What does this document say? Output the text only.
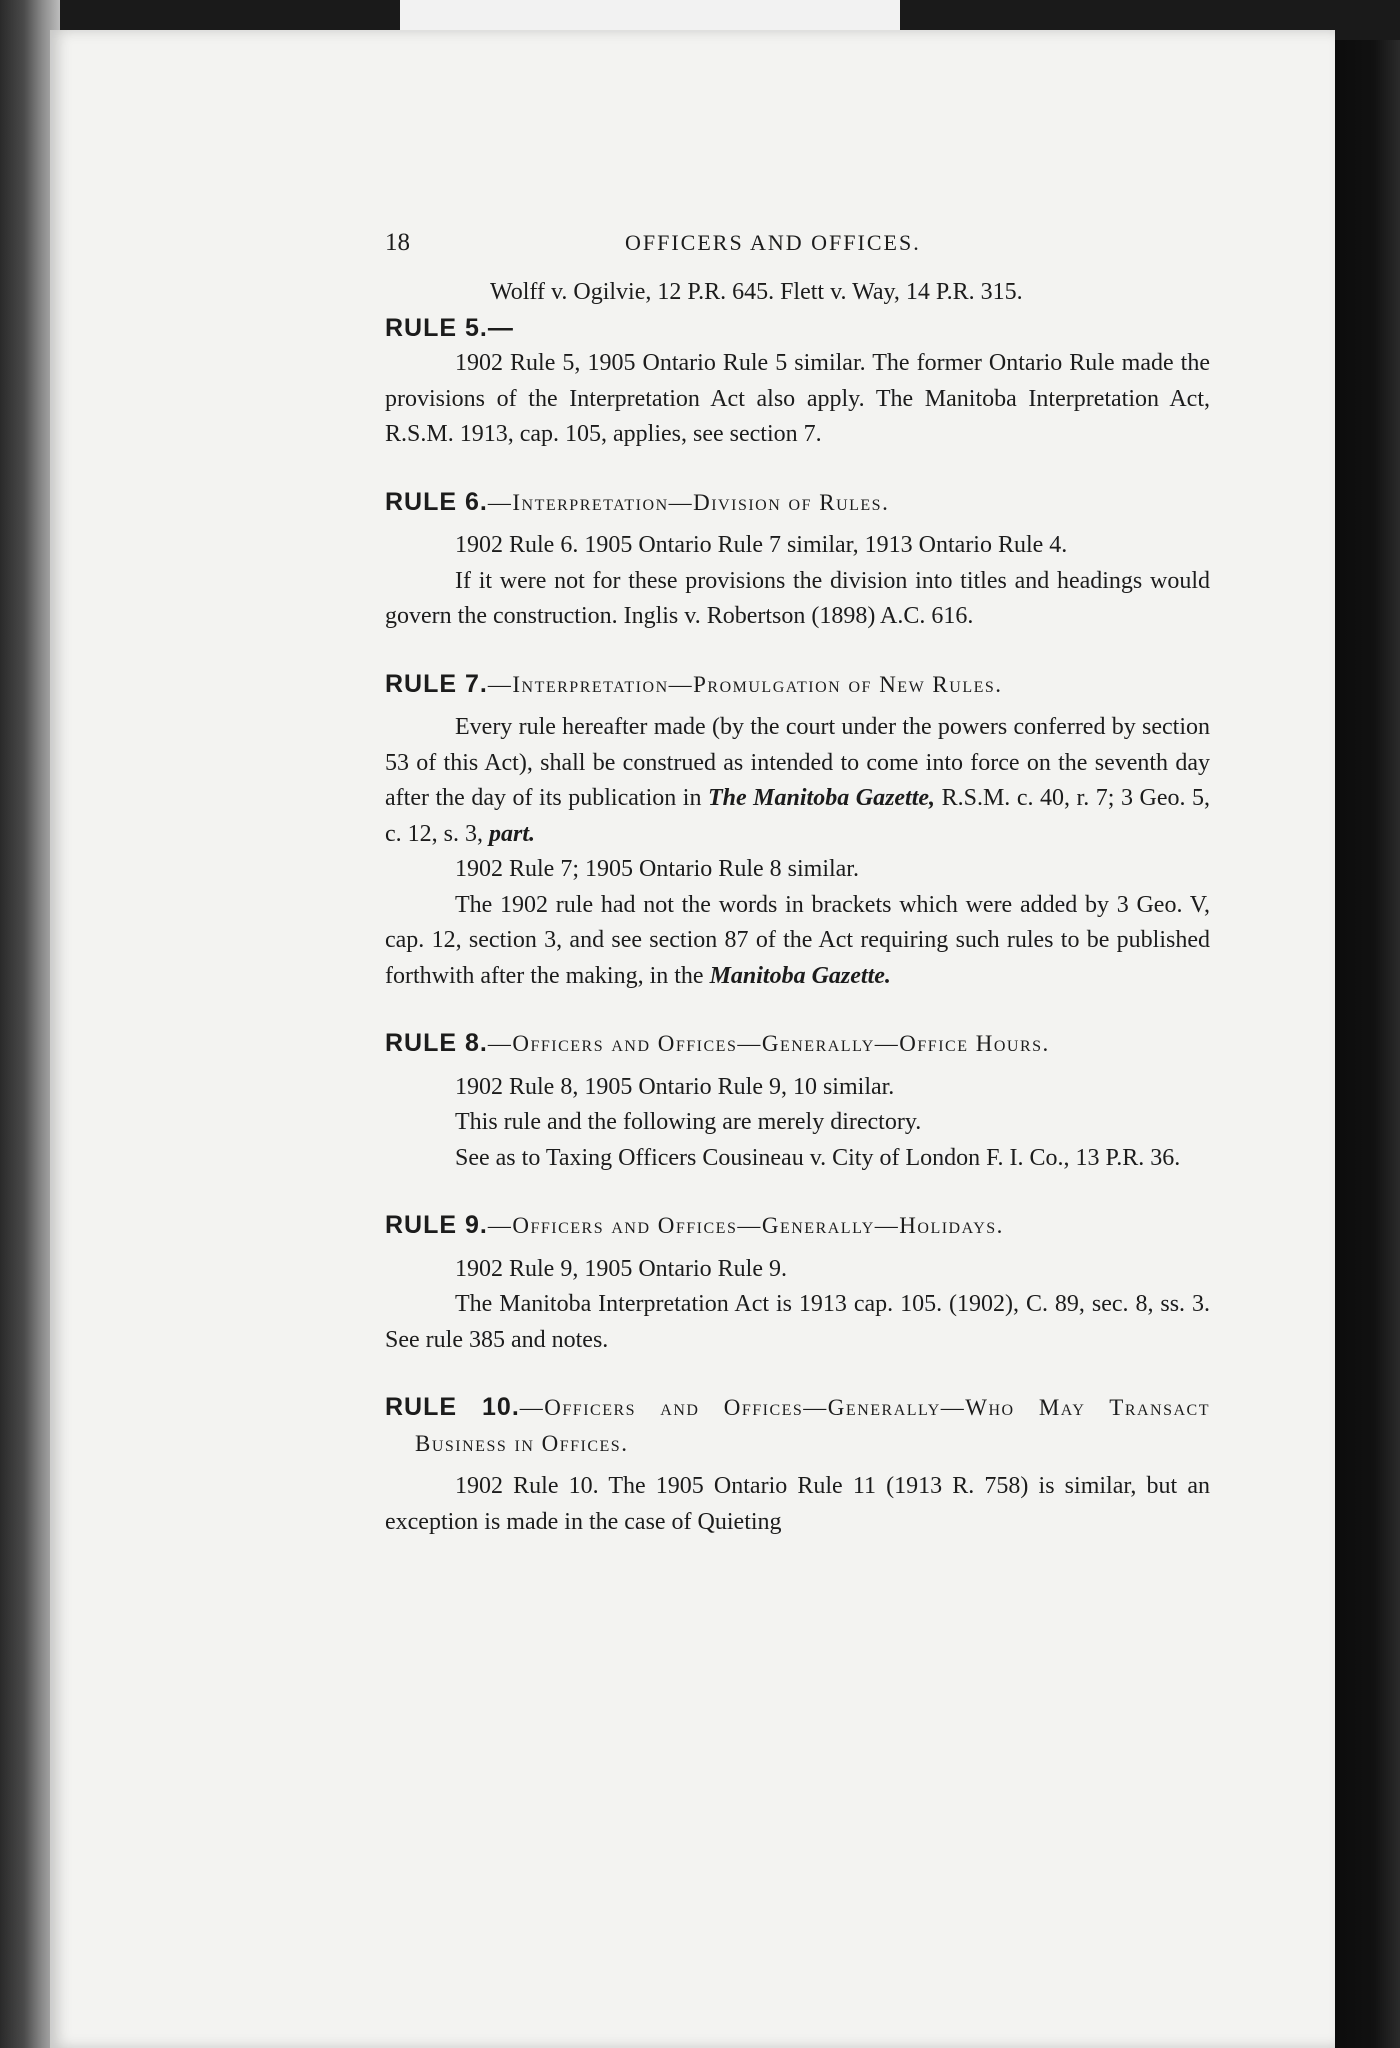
18	OFFICERS AND OFFICES.

Wolff v. Ogilvie, 12 P.R. 645. Flett v. Way, 14 P.R. 315.

RULE 5.—

1902 Rule 5, 1905 Ontario Rule 5 similar. The former Ontario Rule made the provisions of the Interpretation Act also apply. The Manitoba Interpretation Act, R.S.M. 1913, cap. 105, applies, see section 7.

RULE 6.—Interpretation—Division of Rules.

1902 Rule 6. 1905 Ontario Rule 7 similar, 1913 Ontario Rule 4.

If it were not for these provisions the division into titles and headings would govern the construction. Inglis v. Robertson (1898) A.C. 616.

RULE 7.—Interpretation—Promulgation of New Rules.

Every rule hereafter made (by the court under the powers conferred by section 53 of this Act), shall be construed as intended to come into force on the seventh day after the day of its publication in The Manitoba Gazette, R.S.M. c. 40, r. 7; 3 Geo. 5, c. 12, s. 3, part.

1902 Rule 7; 1905 Ontario Rule 8 similar.

The 1902 rule had not the words in brackets which were added by 3 Geo. V, cap. 12, section 3, and see section 87 of the Act requiring such rules to be published forthwith after the making, in the Manitoba Gazette.

RULE 8.—Officers and Offices—Generally—Office Hours.

1902 Rule 8, 1905 Ontario Rule 9, 10 similar.

This rule and the following are merely directory.

See as to Taxing Officers Cousineau v. City of London F. I. Co., 13 P.R. 36.

RULE 9.—Officers and Offices—Generally—Holidays.

1902 Rule 9, 1905 Ontario Rule 9.

The Manitoba Interpretation Act is 1913 cap. 105. (1902), C. 89, sec. 8, ss. 3. See rule 385 and notes.

RULE 10.—Officers and Offices—Generally—Who May Transact Business in Offices.

1902 Rule 10. The 1905 Ontario Rule 11 (1913 R. 758) is similar, but an exception is made in the case of Quieting
